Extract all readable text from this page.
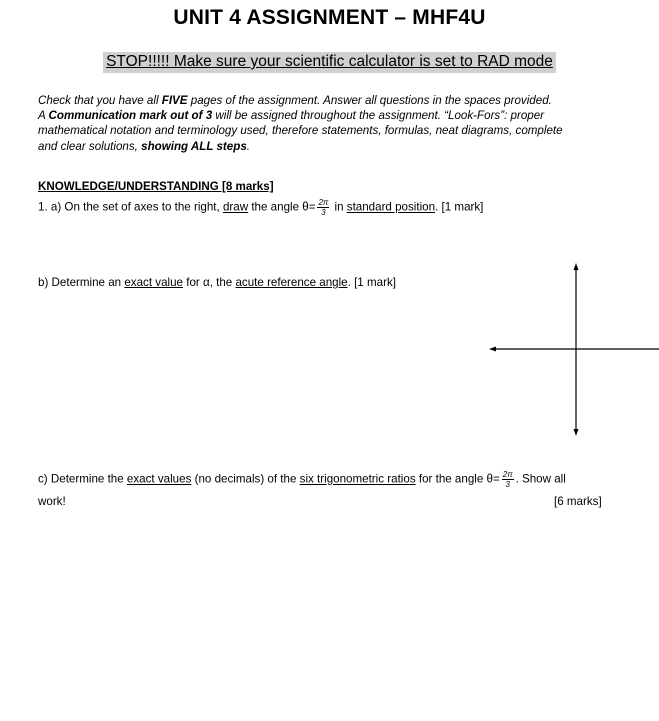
UNIT 4 ASSIGNMENT – MHF4U
STOP!!!!! Make sure your scientific calculator is set to RAD mode
Check that you have all FIVE pages of the assignment. Answer all questions in the spaces provided.
A Communication mark out of 3 will be assigned throughout the assignment. “Look-Fors”: proper
mathematical notation and terminology used, therefore statements, formulas, neat diagrams, complete
and clear solutions, showing ALL steps.
KNOWLEDGE/UNDERSTANDING [8 marks]
1. a) On the set of axes to the right, draw the angle $\theta= \frac{2\pi}{3}$ in standard position. [1 mark]
b) Determine an exact value for α, the acute reference angle. [1 mark]
c) Determine the exact values (no decimals) of the six trigonometric ratios for the angle $\theta= \frac{2\pi}{3}$ . Show all
work!	[6 marks]
